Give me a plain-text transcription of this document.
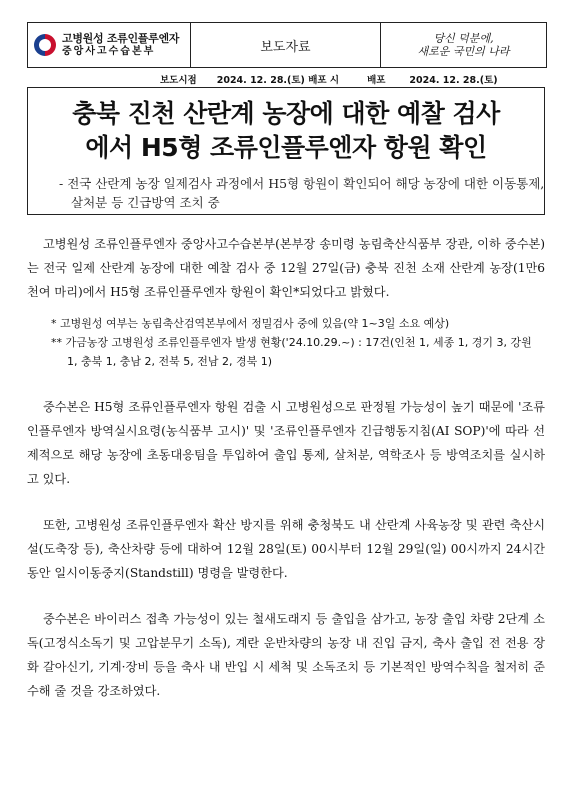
고병원성 조류인플루엔자
중앙사고수습본부	보도자료
당신 덕분에,
새로운 국민의 나라
보도시점 2024. 12. 28.(토) 배포 시	배포	2024. 12. 28.(토)
충북 진천 산란계 농장에 대한 예찰 검사
에서 H5형 조류인플루엔자 항원 확인
- 전국 산란계 농장 일제검사 과정에서 H5형 항원이 확인되어 해당 농장에 대한 이동통제, 살처분 등 긴급방역 조치 중

고병원성 조류인플루엔자 중앙사고수습본부(본부장 송미령 농림축산식품부 장관, 이하 중수본)는 전국 일제 산란계 농장에 대한 예찰 검사 중 12월 27일(금) 충북 진천 소재 산란계 농장(1만6천여 마리)에서 H5형 조류인플루엔자 항원이 확인*되었다고 밝혔다.

* 고병원성 여부는 농림축산검역본부에서 정밀검사 중에 있음(약 1~3일 소요 예상)
** 가금농장 고병원성 조류인플루엔자 발생 현황('24.10.29.~) : 17건(인천 1, 세종 1, 경기 3, 강원 1, 충북 1, 충남 2, 전북 5, 전남 2, 경북 1)

중수본은 H5형 조류인플루엔자 항원 검출 시 고병원성으로 판정될 가능성이 높기 때문에 '조류인플루엔자 방역실시요령(농식품부 고시)' 및 '조류인플루엔자 긴급행동지침(AI SOP)'에 따라 선제적으로 해당 농장에 초동대응팀을 투입하여 출입 통제, 살처분, 역학조사 등 방역조치를 실시하고 있다.

또한, 고병원성 조류인플루엔자 확산 방지를 위해 충청북도 내 산란계 사육농장 및 관련 축산시설(도축장 등), 축산차량 등에 대하여 12월 28일(토) 00시부터 12월 29일(일) 00시까지 24시간 동안 일시이동중지(Standstill) 명령을 발령한다.

중수본은 바이러스 접촉 가능성이 있는 철새도래지 등 출입을 삼가고, 농장 출입 차량 2단계 소독(고정식소독기 및 고압분무기 소독), 계란 운반차량의 농장 내 진입 금지, 축사 출입 전 전용 장화 갈아신기, 기계·장비 등을 축사 내 반입 시 세척 및 소독조치 등 기본적인 방역수칙을 철저히 준수해 줄 것을 강조하였다.
